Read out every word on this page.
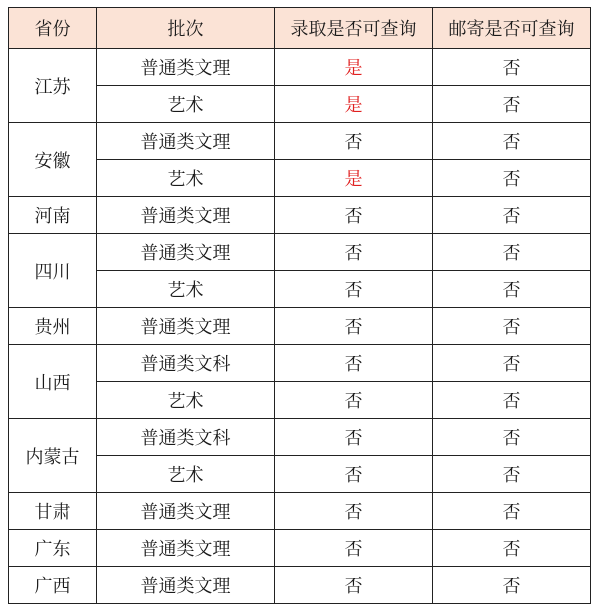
省份	批次	录取是否可查询	邮寄是否可查询
江苏	普通类文理	是	否
	艺术	是	否
安徽	普通类文理	否	否
	艺术	是	否
河南	普通类文理	否	否
四川	普通类文理	否	否
	艺术	否	否
贵州	普通类文理	否	否
山西	普通类文科	否	否
	艺术	否	否
内蒙古	普通类文科	否	否
	艺术	否	否
甘肃	普通类文理	否	否
广东	普通类文理	否	否
广西	普通类文理	否	否
